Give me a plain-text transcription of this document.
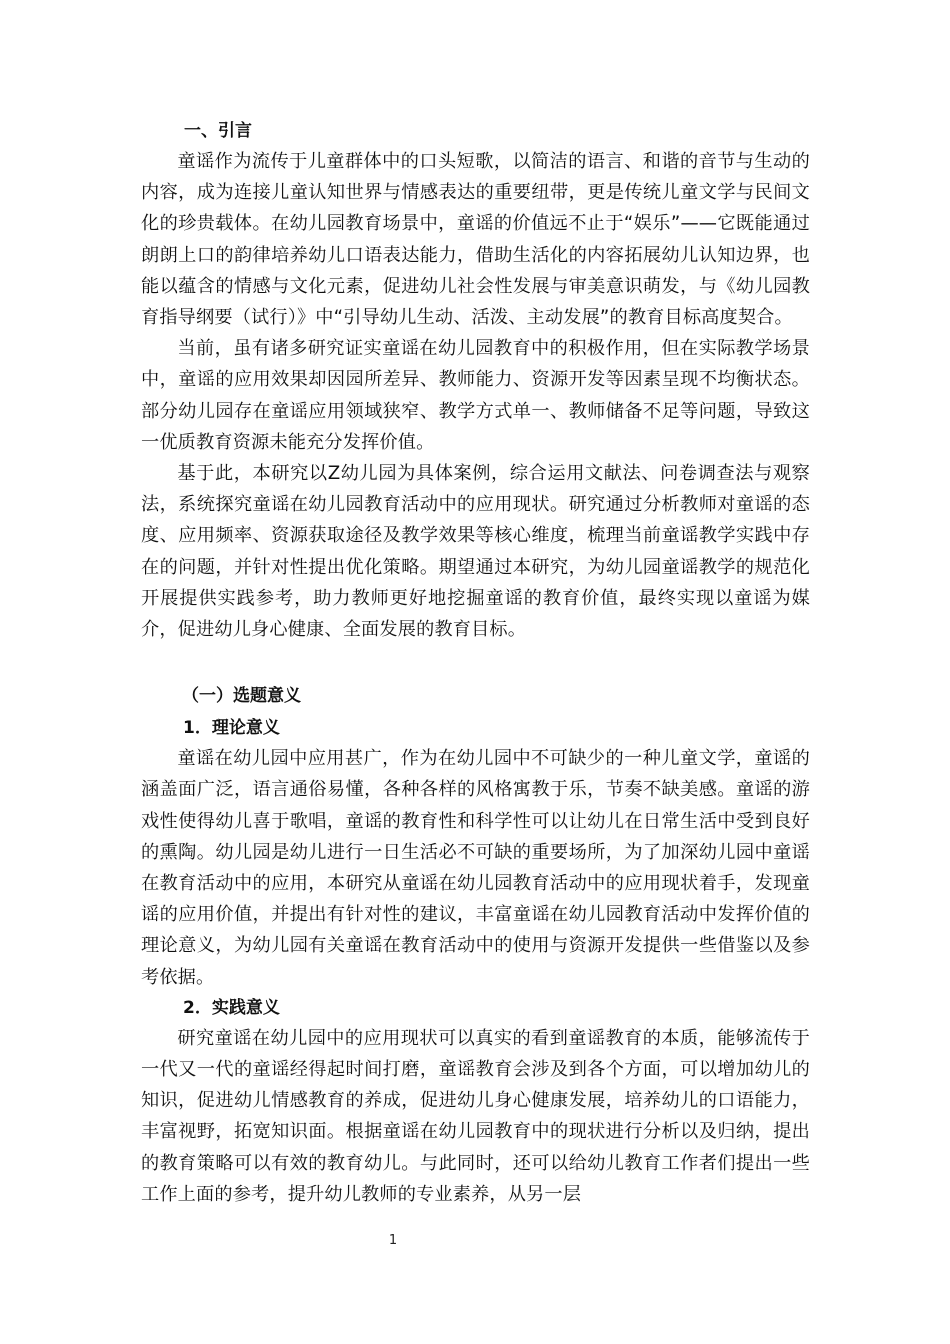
一、引言

童谣作为流传于儿童群体中的口头短歌，以简洁的语言、和谐的音节与生动的内容，成为连接儿童认知世界与情感表达的重要纽带，更是传统儿童文学与民间文化的珍贵载体。在幼儿园教育场景中，童谣的价值远不止于“娱乐”——它既能通过朗朗上口的韵律培养幼儿口语表达能力，借助生活化的内容拓展幼儿认知边界，也能以蕴含的情感与文化元素，促进幼儿社会性发展与审美意识萌发，与《幼儿园教育指导纲要（试行）》中“引导幼儿生动、活泼、主动发展”的教育目标高度契合。

当前，虽有诸多研究证实童谣在幼儿园教育中的积极作用，但在实际教学场景中，童谣的应用效果却因园所差异、教师能力、资源开发等因素呈现不均衡状态。部分幼儿园存在童谣应用领域狭窄、教学方式单一、教师储备不足等问题，导致这一优质教育资源未能充分发挥价值。

基于此，本研究以Z幼儿园为具体案例，综合运用文献法、问卷调查法与观察法，系统探究童谣在幼儿园教育活动中的应用现状。研究通过分析教师对童谣的态度、应用频率、资源获取途径及教学效果等核心维度，梳理当前童谣教学实践中存在的问题，并针对性提出优化策略。期望通过本研究，为幼儿园童谣教学的规范化开展提供实践参考，助力教师更好地挖掘童谣的教育价值，最终实现以童谣为媒介，促进幼儿身心健康、全面发展的教育目标。

（一）选题意义
1．理论意义

童谣在幼儿园中应用甚广，作为在幼儿园中不可缺少的一种儿童文学，童谣的涵盖面广泛，语言通俗易懂，各种各样的风格寓教于乐，节奏不缺美感。童谣的游戏性使得幼儿喜于歌唱，童谣的教育性和科学性可以让幼儿在日常生活中受到良好的熏陶。幼儿园是幼儿进行一日生活必不可缺的重要场所，为了加深幼儿园中童谣在教育活动中的应用，本研究从童谣在幼儿园教育活动中的应用现状着手，发现童谣的应用价值，并提出有针对性的建议，丰富童谣在幼儿园教育活动中发挥价值的理论意义，为幼儿园有关童谣在教育活动中的使用与资源开发提供一些借鉴以及参考依据。

2．实践意义

研究童谣在幼儿园中的应用现状可以真实的看到童谣教育的本质，能够流传于一代又一代的童谣经得起时间打磨，童谣教育会涉及到各个方面，可以增加幼儿的知识，促进幼儿情感教育的养成，促进幼儿身心健康发展，培养幼儿的口语能力，丰富视野，拓宽知识面。根据童谣在幼儿园教育中的现状进行分析以及归纳，提出的教育策略可以有效的教育幼儿。与此同时，还可以给幼儿教育工作者们提出一些工作上面的参考，提升幼儿教师的专业素养，从另一层

1
